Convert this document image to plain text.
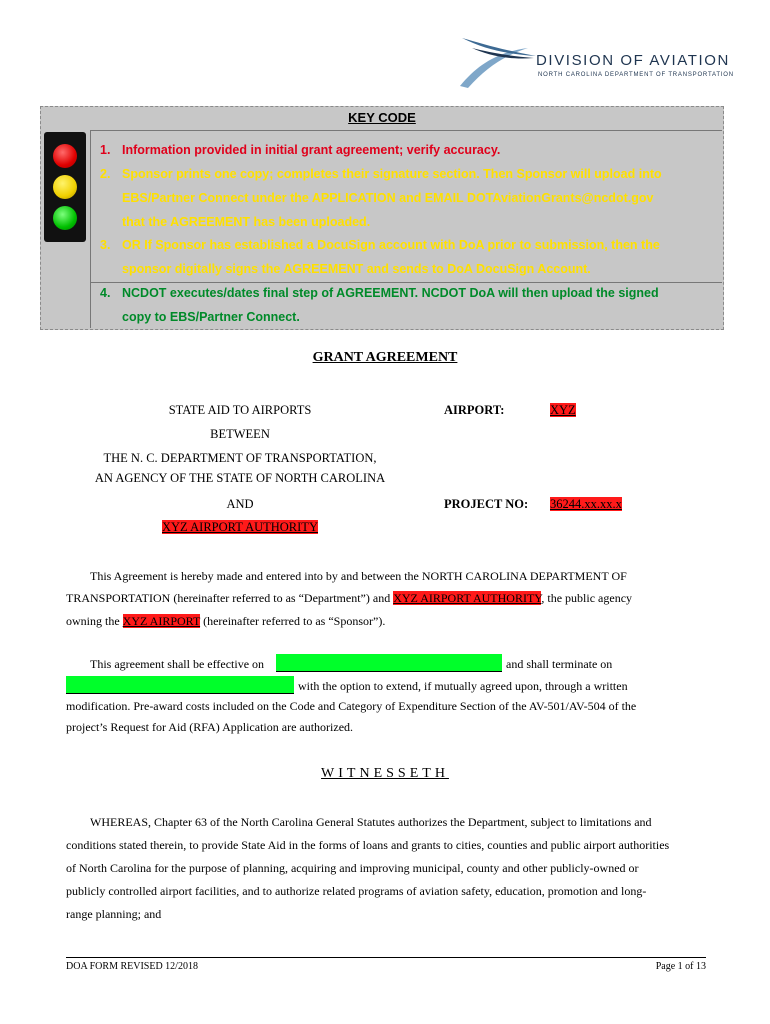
DIVISION OF AVIATION
NORTH CAROLINA DEPARTMENT OF TRANSPORTATION
KEY CODE
1. Information provided in initial grant agreement; verify accuracy.
2. Sponsor prints one copy; completes their signature section. Then Sponsor will upload into
EBS/Partner Connect under the APPLICATION and EMAIL DOTAviationGrants@ncdot.gov
that the AGREEMENT has been uploaded.
3. OR If Sponsor has established a DocuSign account with DoA prior to submission, then the
sponsor digitally signs the AGREEMENT and sends to DoA DocuSign Account.
4. NCDOT executes/dates final step of AGREEMENT. NCDOT DoA will then upload the signed
copy to EBS/Partner Connect.
GRANT AGREEMENT
STATE AID TO AIRPORTS
BETWEEN
THE N. C. DEPARTMENT OF TRANSPORTATION,
AN AGENCY OF THE STATE OF NORTH CAROLINA
AND
XYZ AIRPORT AUTHORITY
AIRPORT:	XYZ
PROJECT NO: 36244.xx.xx.x
This Agreement is hereby made and entered into by and between the NORTH CAROLINA DEPARTMENT OF
TRANSPORTATION (hereinafter referred to as “Department”) and XYZ AIRPORT AUTHORITY, the public agency
owning the XYZ AIRPORT (hereinafter referred to as “Sponsor”).
This agreement shall be effective on	and shall terminate on
with the option to extend, if mutually agreed upon, through a written
modification. Pre-award costs included on the Code and Category of Expenditure Section of the AV-501/AV-504 of the
project’s Request for Aid (RFA) Application are authorized.
WITNESSETH
WHEREAS, Chapter 63 of the North Carolina General Statutes authorizes the Department, subject to limitations and
conditions stated therein, to provide State Aid in the forms of loans and grants to cities, counties and public airport authorities
of North Carolina for the purpose of planning, acquiring and improving municipal, county and other publicly-owned or
publicly controlled airport facilities, and to authorize related programs of aviation safety, education, promotion and long-
range planning; and
DOA FORM REVISED 12/2018	Page 1 of 13
